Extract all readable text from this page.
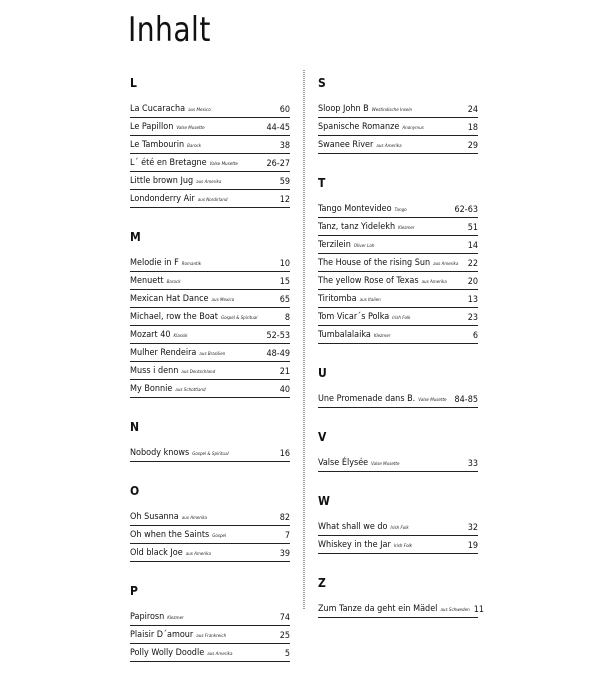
Inhalt
L
La Cucaracha aus Mexico	60
Le Papillon Valse Musette	44-45
Le Tambourin Barock	38
L´ été en Bretagne Valse Musette	26-27
Little brown Jug aus Amerika	59
Londonderry Air aus Nordirland	12
M
Melodie in F Romantik	10
Menuett Barock	15
Mexican Hat Dance aus Mexico	65
Michael, row the Boat Gospel & Spiritual	8
Mozart 40 Klassik	52-53
Mulher Rendeira aus Brasilien	48-49
Muss i denn aus Deutschland	21
My Bonnie aus Schottland	40
N
Nobody knows Gospel & Spiritual	16
O
Oh Susanna aus Amerika	82
Oh when the Saints Gospel	7
Old black Joe aus Amerika	39
P
Papirosn Klezmer	74
Plaisir D´amour aus Frankreich	25
Polly Wolly Doodle aus Amerika	5
S
Sloop John B Westindische Inseln	24
Spanische Romanze Anonymus	18
Swanee River aus Amerika	29
T
Tango Montevideo Tango	62-63
Tanz, tanz Yidelekh Klezmer	51
Terzilein Oliver Loh	14
The House of the rising Sun aus Amerika	22
The yellow Rose of Texas aus Amerika	20
Tiritomba aus Italien	13
Tom Vicar´s Polka Irish Folk	23
Tumbalalaika Klezmer	6
U
Une Promenade dans B. Valse Musette 84-85
V
Valse Élysée Valse Musette	33
W
What shall we do Irish Folk	32
Whiskey in the Jar Irish Folk	19
Z
Zum Tanze da geht ein Mädel aus Schweden 11
